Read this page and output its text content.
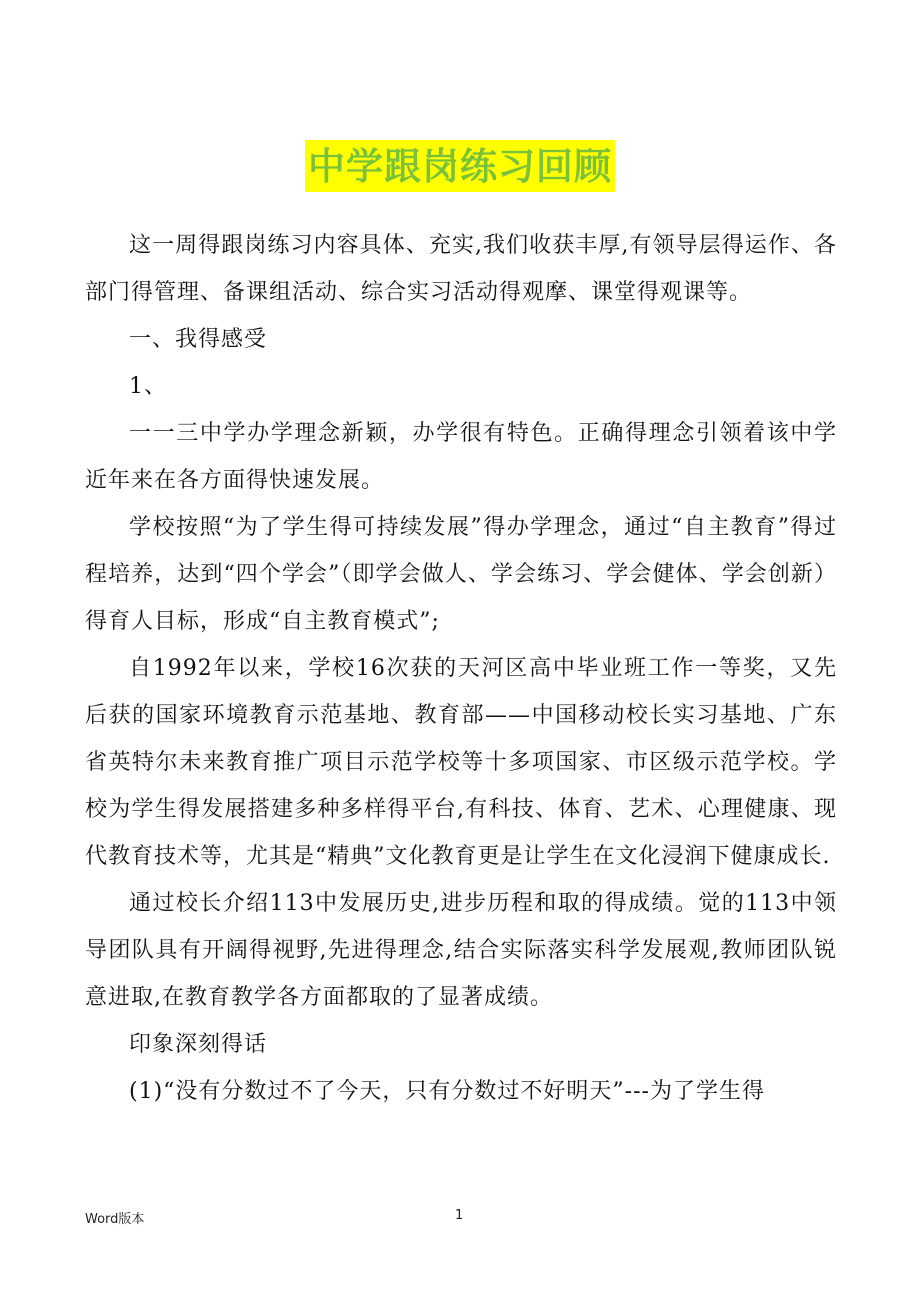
中学跟岗练习回顾

这一周得跟岗练习内容具体、充实,我们收获丰厚,有领导层得运作、各部门得管理、备课组活动、综合实习活动得观摩、课堂得观课等。

一、我得感受

1、

一一三中学办学理念新颖，办学很有特色。正确得理念引领着该中学近年来在各方面得快速发展。

学校按照“为了学生得可持续发展”得办学理念，通过“自主教育”得过程培养，达到“四个学会”（即学会做人、学会练习、学会健体、学会创新）得育人目标，形成“自主教育模式”;

自1992年以来，学校16次获的天河区高中毕业班工作一等奖，又先后获的国家环境教育示范基地、教育部——中国移动校长实习基地、广东省英特尔未来教育推广项目示范学校等十多项国家、市区级示范学校。学校为学生得发展搭建多种多样得平台,有科技、体育、艺术、心理健康、现代教育技术等，尤其是“精典”文化教育更是让学生在文化浸润下健康成长.

通过校长介绍113中发展历史,进步历程和取的得成绩。觉的113中领导团队具有开阔得视野,先进得理念,结合实际落实科学发展观,教师团队锐意进取,在教育教学各方面都取的了显著成绩。

印象深刻得话

(1)“没有分数过不了今天，只有分数过不好明天”---为了学生得

Word版本	1
